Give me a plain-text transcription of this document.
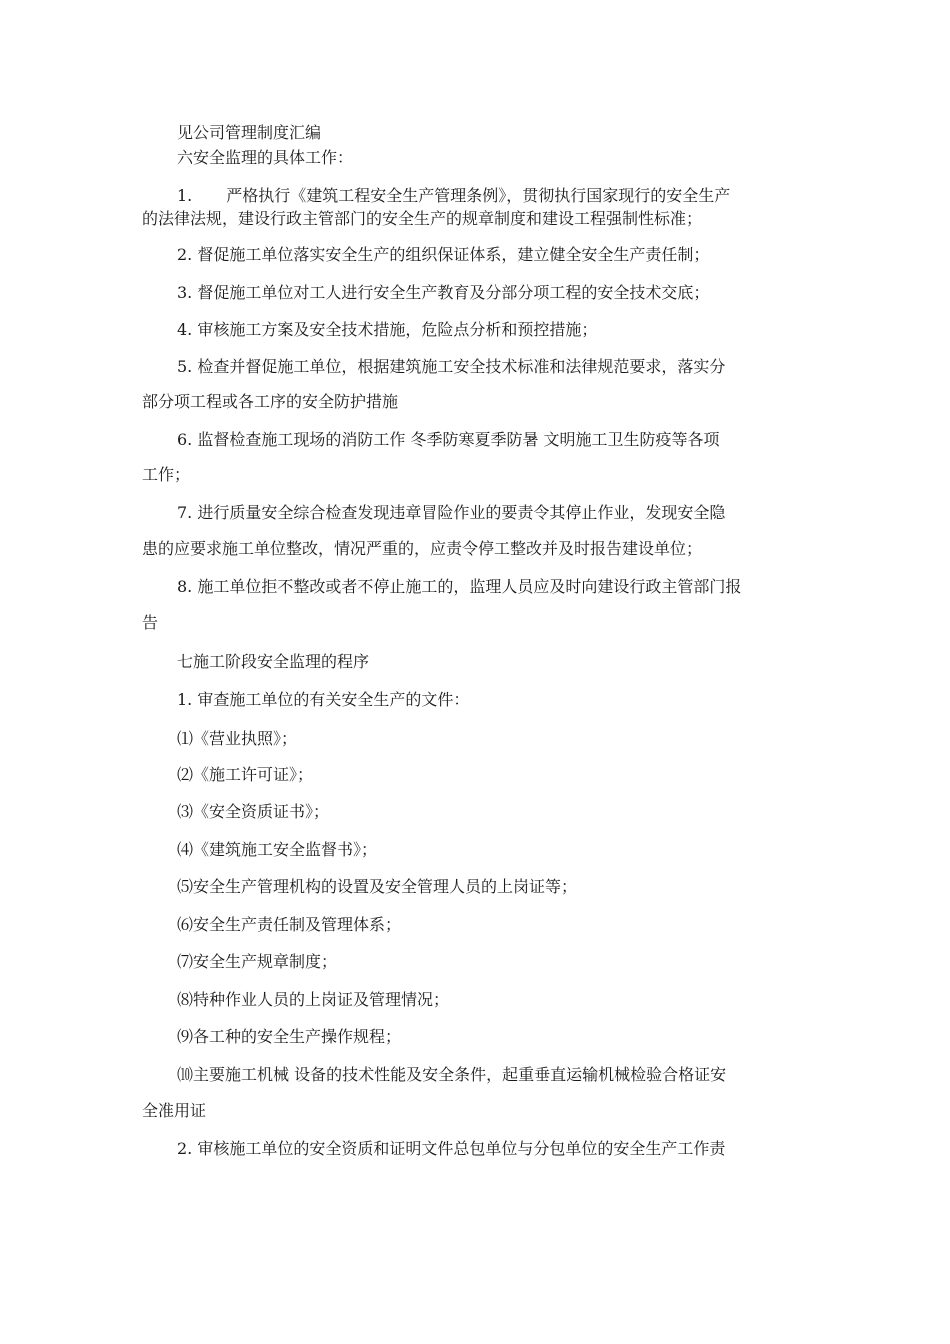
见公司管理制度汇编
六安全监理的具体工作：
1. 严格执行《建筑工程安全生产管理条例》，贯彻执行国家现行的安全生产
的法律法规，建设行政主管部门的安全生产的规章制度和建设工程强制性标准；
2. 督促施工单位落实安全生产的组织保证体系，建立健全安全生产责任制；
3. 督促施工单位对工人进行安全生产教育及分部分项工程的安全技术交底；
4. 审核施工方案及安全技术措施，危险点分析和预控措施；
5. 检查并督促施工单位，根据建筑施工安全技术标准和法律规范要求，落实分
部分项工程或各工序的安全防护措施
6. 监督检查施工现场的消防工作 冬季防寒夏季防暑 文明施工卫生防疫等各项
工作；
7. 进行质量安全综合检查发现违章冒险作业的要责令其停止作业，发现安全隐
患的应要求施工单位整改，情况严重的，应责令停工整改并及时报告建设单位；
8. 施工单位拒不整改或者不停止施工的，监理人员应及时向建设行政主管部门报
告
七施工阶段安全监理的程序
1. 审查施工单位的有关安全生产的文件：
⑴《营业执照》；
⑵《施工许可证》；
⑶《安全资质证书》；
⑷《建筑施工安全监督书》；
⑸安全生产管理机构的设置及安全管理人员的上岗证等；
⑹安全生产责任制及管理体系；
⑺安全生产规章制度；
⑻特种作业人员的上岗证及管理情况；
⑼各工种的安全生产操作规程；
⑽主要施工机械 设备的技术性能及安全条件，起重垂直运输机械检验合格证安
全准用证
2. 审核施工单位的安全资质和证明文件总包单位与分包单位的安全生产工作责
